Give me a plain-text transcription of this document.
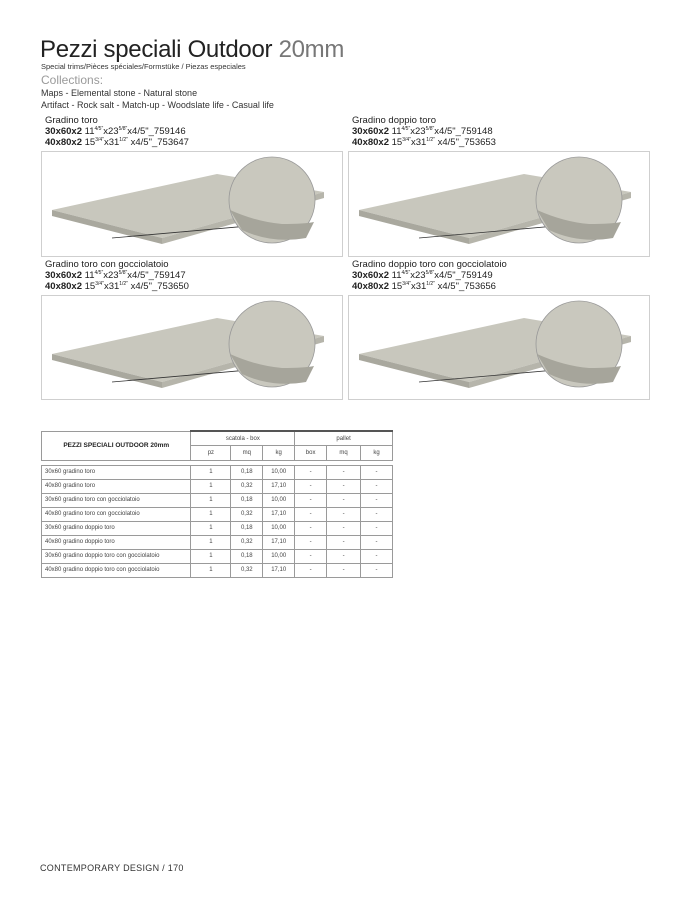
Pezzi speciali Outdoor 20mm
Special trims/Pièces spéciales/Formstüke / Piezas especiales
Collections:
Maps - Elemental stone - Natural stone
Artifact - Rock salt - Match-up - Woodslate life - Casual life
Gradino toro
30x60x2 $11^{4/5"}x23^{5/8"}x4/5"\_759146$
40x80x2 $15^{3/4"}x31^{1/2"}$ x4/5"_753647
Gradino doppio toro
30x60x2 $11^{4/5"}x23^{5/8"}x4/5"\_759148$
40x80x2 $15^{3/4"}x31^{1/2"}$ x4/5"_753653
Gradino toro con gocciolatoio
30x60x2 $11^{4/5"}x23^{5/8"}x4/5"\_759147$
40x80x2 $15^{3/4"}x31^{1/2"}$ x4/5"_753650
Gradino doppio toro con gocciolatoio
30x60x2 $11^{4/5"}x23^{5/8"}x4/5"\_759149$
40x80x2 $15^{3/4"}x31^{1/2"}$ x4/5"_753656
PEZZI SPECIALI OUTDOOR 20mm	scatola - box			pallet		
	pz	mq	kg	box	mq	kg

30x60 gradino toro	1	0,18	10,00	-	-	-
40x80 gradino toro	1	0,32	17,10	-	-	-
30x60 gradino toro con gocciolatoio	1	0,18	10,00	-	-	-
40x80 gradino toro con gocciolatoio	1	0,32	17,10	-	-	-
30x60 gradino doppio toro	1	0,18	10,00	-	-	-
40x80 gradino doppio toro	1	0,32	17,10	-	-	-
30x60 gradino doppio toro con gocciolatoio	1	0,18	10,00	-	-	-
40x80 gradino doppio toro con gocciolatoio	1	0,32	17,10	-	-	-
CONTEMPORARY DESIGN / 170
